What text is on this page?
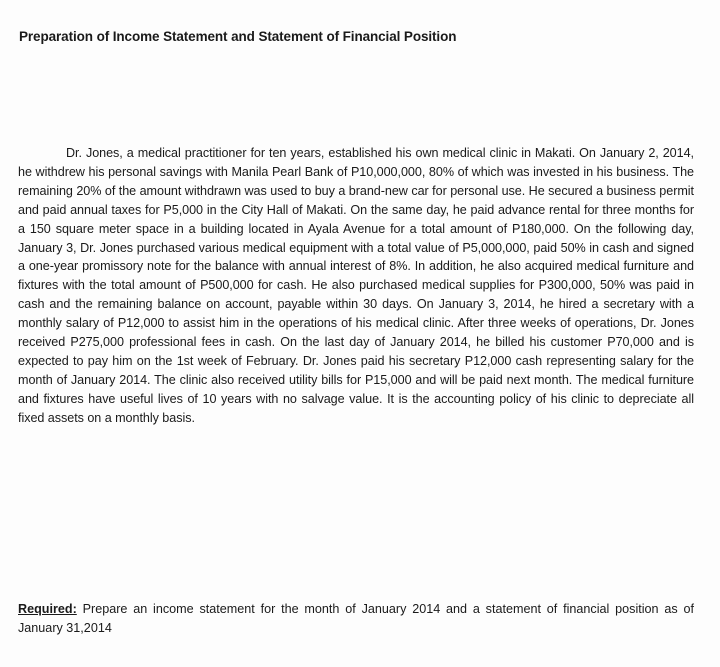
Preparation of Income Statement and Statement of Financial Position

Dr. Jones, a medical practitioner for ten years, established his own medical clinic in Makati. On January 2, 2014, he withdrew his personal savings with Manila Pearl Bank of P10,000,000, 80% of which was invested in his business. The remaining 20% of the amount withdrawn was used to buy a brand-new car for personal use. He secured a business permit and paid annual taxes for P5,000 in the City Hall of Makati. On the same day, he paid advance rental for three months for a 150 square meter space in a building located in Ayala Avenue for a total amount of P180,000. On the following day, January 3, Dr. Jones purchased various medical equipment with a total value of P5,000,000, paid 50% in cash and signed a one-year promissory note for the balance with annual interest of 8%. In addition, he also acquired medical furniture and fixtures with the total amount of P500,000 for cash. He also purchased medical supplies for P300,000, 50% was paid in cash and the remaining balance on account, payable within 30 days. On January 3, 2014, he hired a secretary with a monthly salary of P12,000 to assist him in the operations of his medical clinic. After three weeks of operations, Dr. Jones received P275,000 professional fees in cash. On the last day of January 2014, he billed his customer P70,000 and is expected to pay him on the 1st week of February. Dr. Jones paid his secretary P12,000 cash representing salary for the month of January 2014. The clinic also received utility bills for P15,000 and will be paid next month. The medical furniture and fixtures have useful lives of 10 years with no salvage value. It is the accounting policy of his clinic to depreciate all fixed assets on a monthly basis.

Required: Prepare an income statement for the month of January 2014 and a statement of financial position as of January 31,2014
